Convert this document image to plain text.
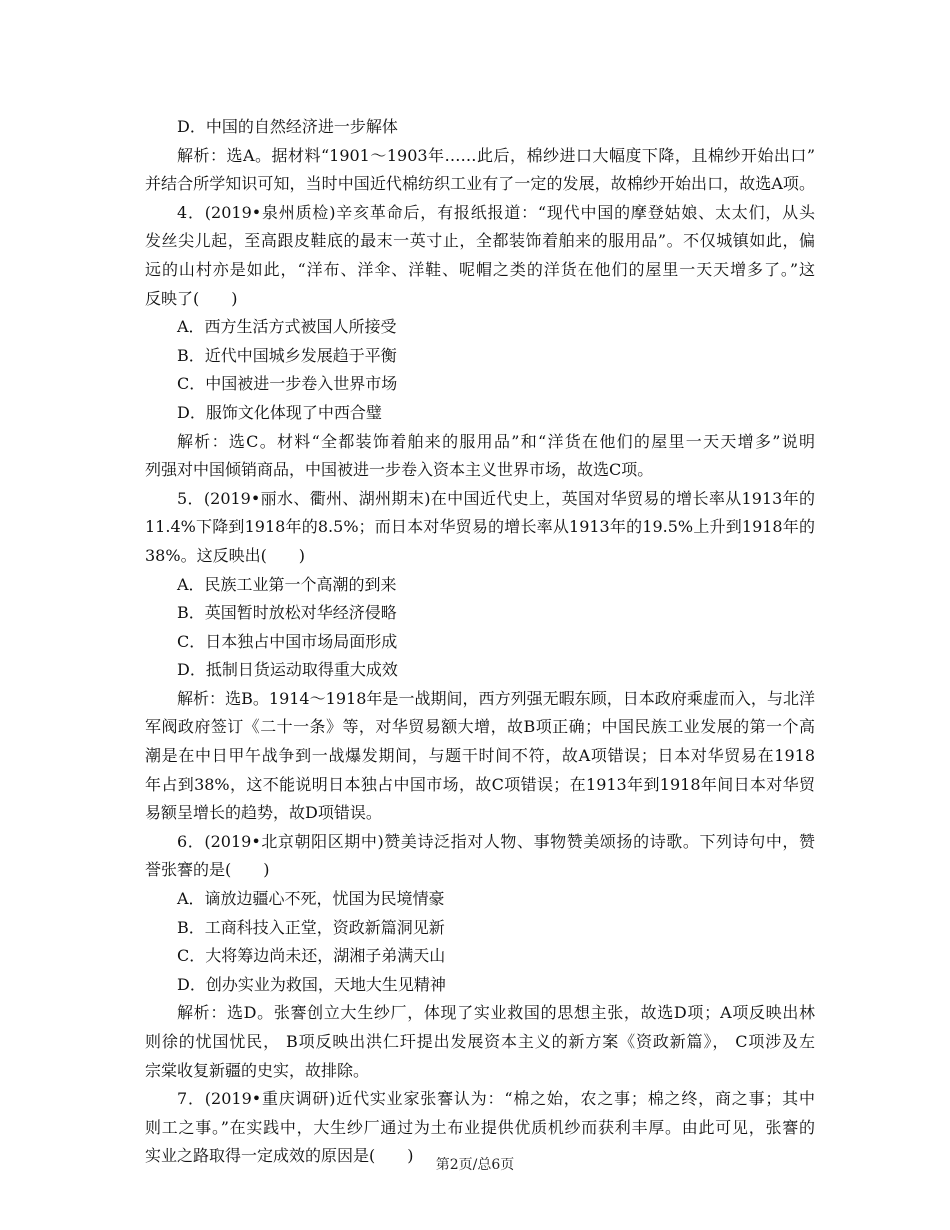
D．中国的自然经济进一步解体
解析：选A。据材料“1901～1903年……此后，棉纱进口大幅度下降，且棉纱开始出口”
并结合所学知识可知，当时中国近代棉纺织工业有了一定的发展，故棉纱开始出口，故选A项。
4．(2019•泉州质检)辛亥革命后，有报纸报道：“现代中国的摩登姑娘、太太们，从头
发丝尖儿起，至高跟皮鞋底的最末一英寸止，全都装饰着舶来的服用品”。不仅城镇如此，偏
远的山村亦是如此，“洋布、洋伞、洋鞋、呢帽之类的洋货在他们的屋里一天天增多了。”这
反映了(　　)
A．西方生活方式被国人所接受
B．近代中国城乡发展趋于平衡
C．中国被进一步卷入世界市场
D．服饰文化体现了中西合璧
解析：选C。材料“全都装饰着舶来的服用品”和“洋货在他们的屋里一天天增多”说明
列强对中国倾销商品，中国被进一步卷入资本主义世界市场，故选C项。
5．(2019•丽水、衢州、湖州期末)在中国近代史上，英国对华贸易的增长率从1913年的
11.4%下降到1918年的8.5%；而日本对华贸易的增长率从1913年的19.5%上升到1918年的
38%。这反映出(　　)
A．民族工业第一个高潮的到来
B．英国暂时放松对华经济侵略
C．日本独占中国市场局面形成
D．抵制日货运动取得重大成效
解析：选B。1914～1918年是一战期间，西方列强无暇东顾，日本政府乘虚而入，与北洋
军阀政府签订《二十一条》等，对华贸易额大增，故B项正确；中国民族工业发展的第一个高
潮是在中日甲午战争到一战爆发期间，与题干时间不符，故A项错误；日本对华贸易在1918
年占到38%，这不能说明日本独占中国市场，故C项错误；在1913年到1918年间日本对华贸
易额呈增长的趋势，故D项错误。
6．(2019•北京朝阳区期中)赞美诗泛指对人物、事物赞美颂扬的诗歌。下列诗句中，赞
誉张謇的是(　　)
A．谪放边疆心不死，忧国为民境情豪
B．工商科技入正堂，资政新篇洞见新
C．大将筹边尚未还，湖湘子弟满天山
D．创办实业为救国，天地大生见精神
解析：选D。张謇创立大生纱厂，体现了实业救国的思想主张，故选D项；A项反映出林
则徐的忧国忧民， B项反映出洪仁玕提出发展资本主义的新方案《资政新篇》， C项涉及左
宗棠收复新疆的史实，故排除。
7．(2019•重庆调研)近代实业家张謇认为：“棉之始，农之事；棉之终，商之事；其中
则工之事。”在实践中，大生纱厂通过为土布业提供优质机纱而获利丰厚。由此可见，张謇的
实业之路取得一定成效的原因是(　　)	第2页/总6页
